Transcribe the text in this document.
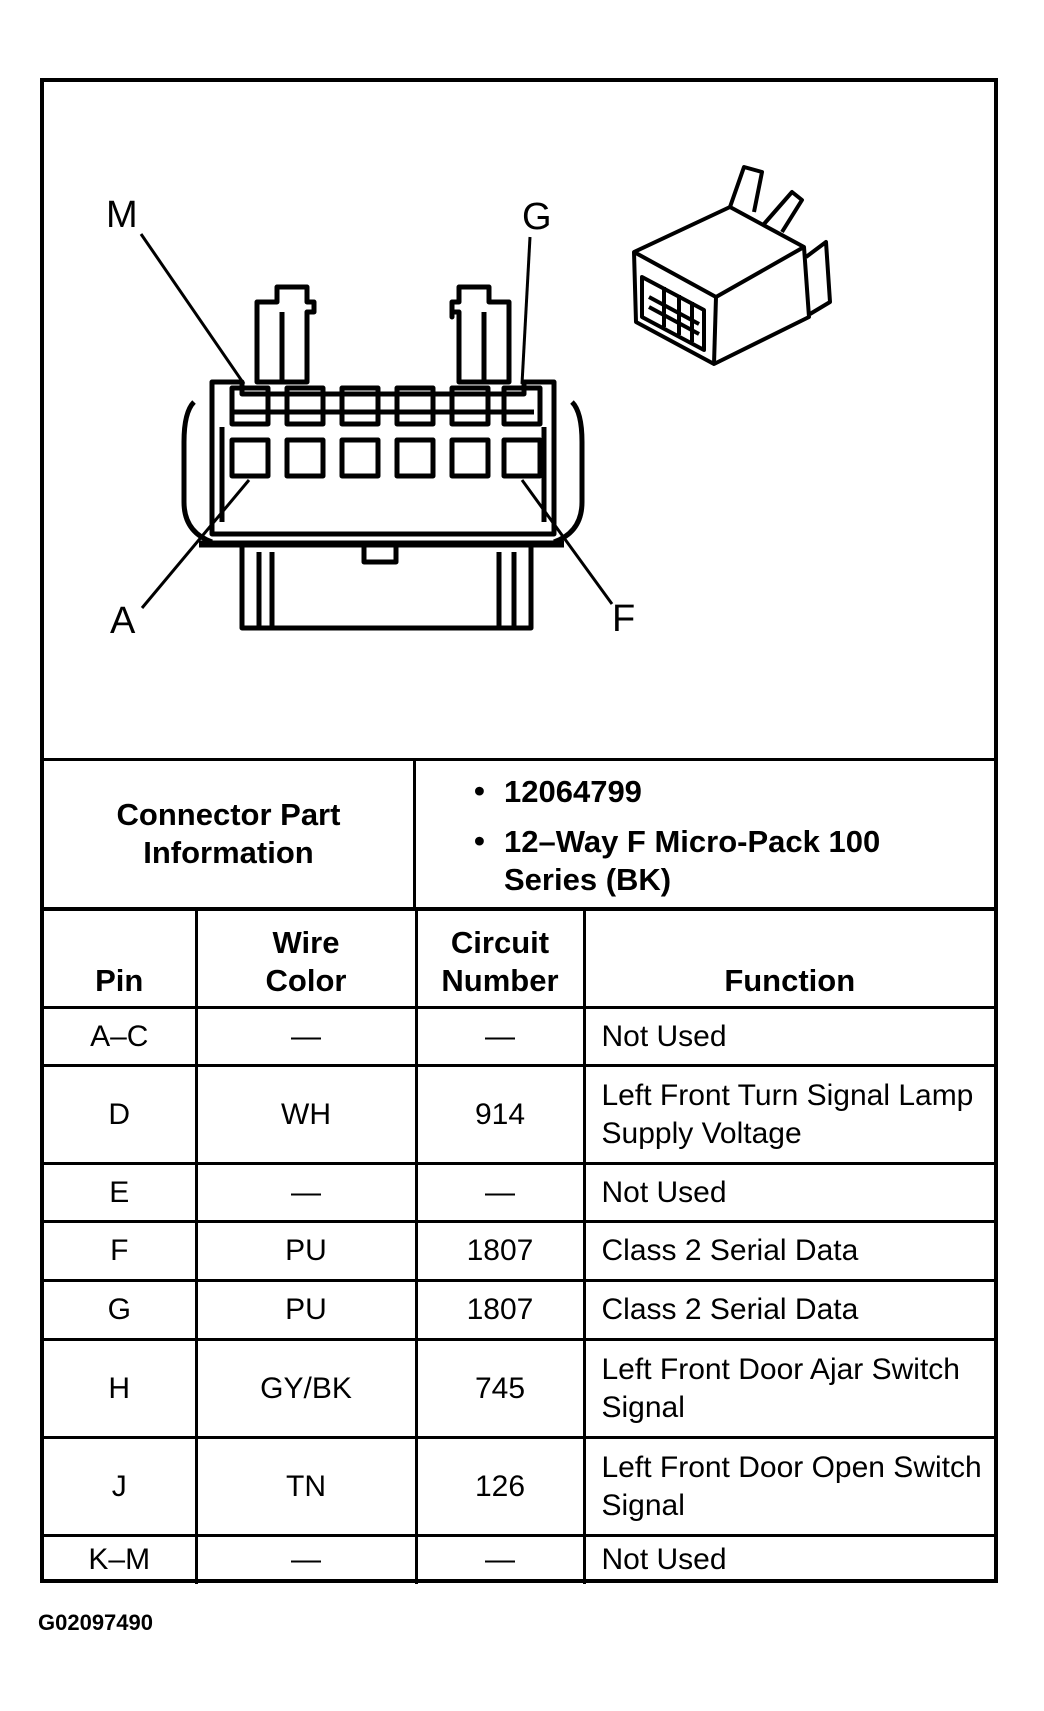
M	G
A	F
Connector Part Information
• 12064799
• 12–Way F Micro-Pack 100 Series (BK)
Pin	Wire Color	Circuit Number	Function
A–C	—	—	Not Used
D	WH	914	Left Front Turn Signal Lamp Supply Voltage
E	—	—	Not Used
F	PU	1807	Class 2 Serial Data
G	PU	1807	Class 2 Serial Data
H	GY/BK	745	Left Front Door Ajar Switch Signal
J	TN	126	Left Front Door Open Switch Signal
K–M	—	—	Not Used
G02097490
